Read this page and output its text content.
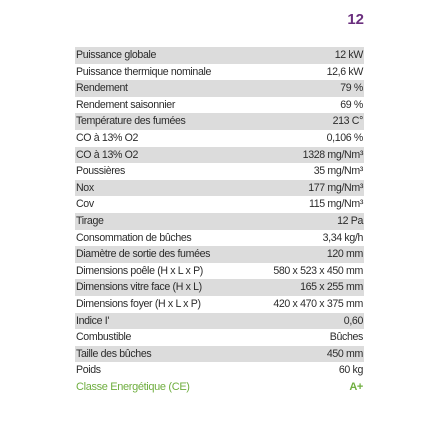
12
Puissance globale	12 kW
Puissance thermique nominale	12,6 kW
Rendement	79 %
Rendement saisonnier	69 %
Température des fumées	213 C°
CO à 13% O2	0,106 %
CO à 13% O2	1328 mg/Nm³
Poussières	35 mg/Nm³
Nox	177 mg/Nm³
Cov	115 mg/Nm³
Tirage	12 Pa
Consommation de bûches	3,34 kg/h
Diamètre de sortie des fumées	120 mm
Dimensions poêle (H x L x P)	580 x 523 x 450 mm
Dimensions vitre face (H x L)	165 x 255 mm
Dimensions foyer (H x L x P)	420 x 470 x 375 mm
Indice I'	0,60
Combustible	Bûches
Taille des bûches	450 mm
Poids	60 kg
Classe Energétique (CE)	A+
